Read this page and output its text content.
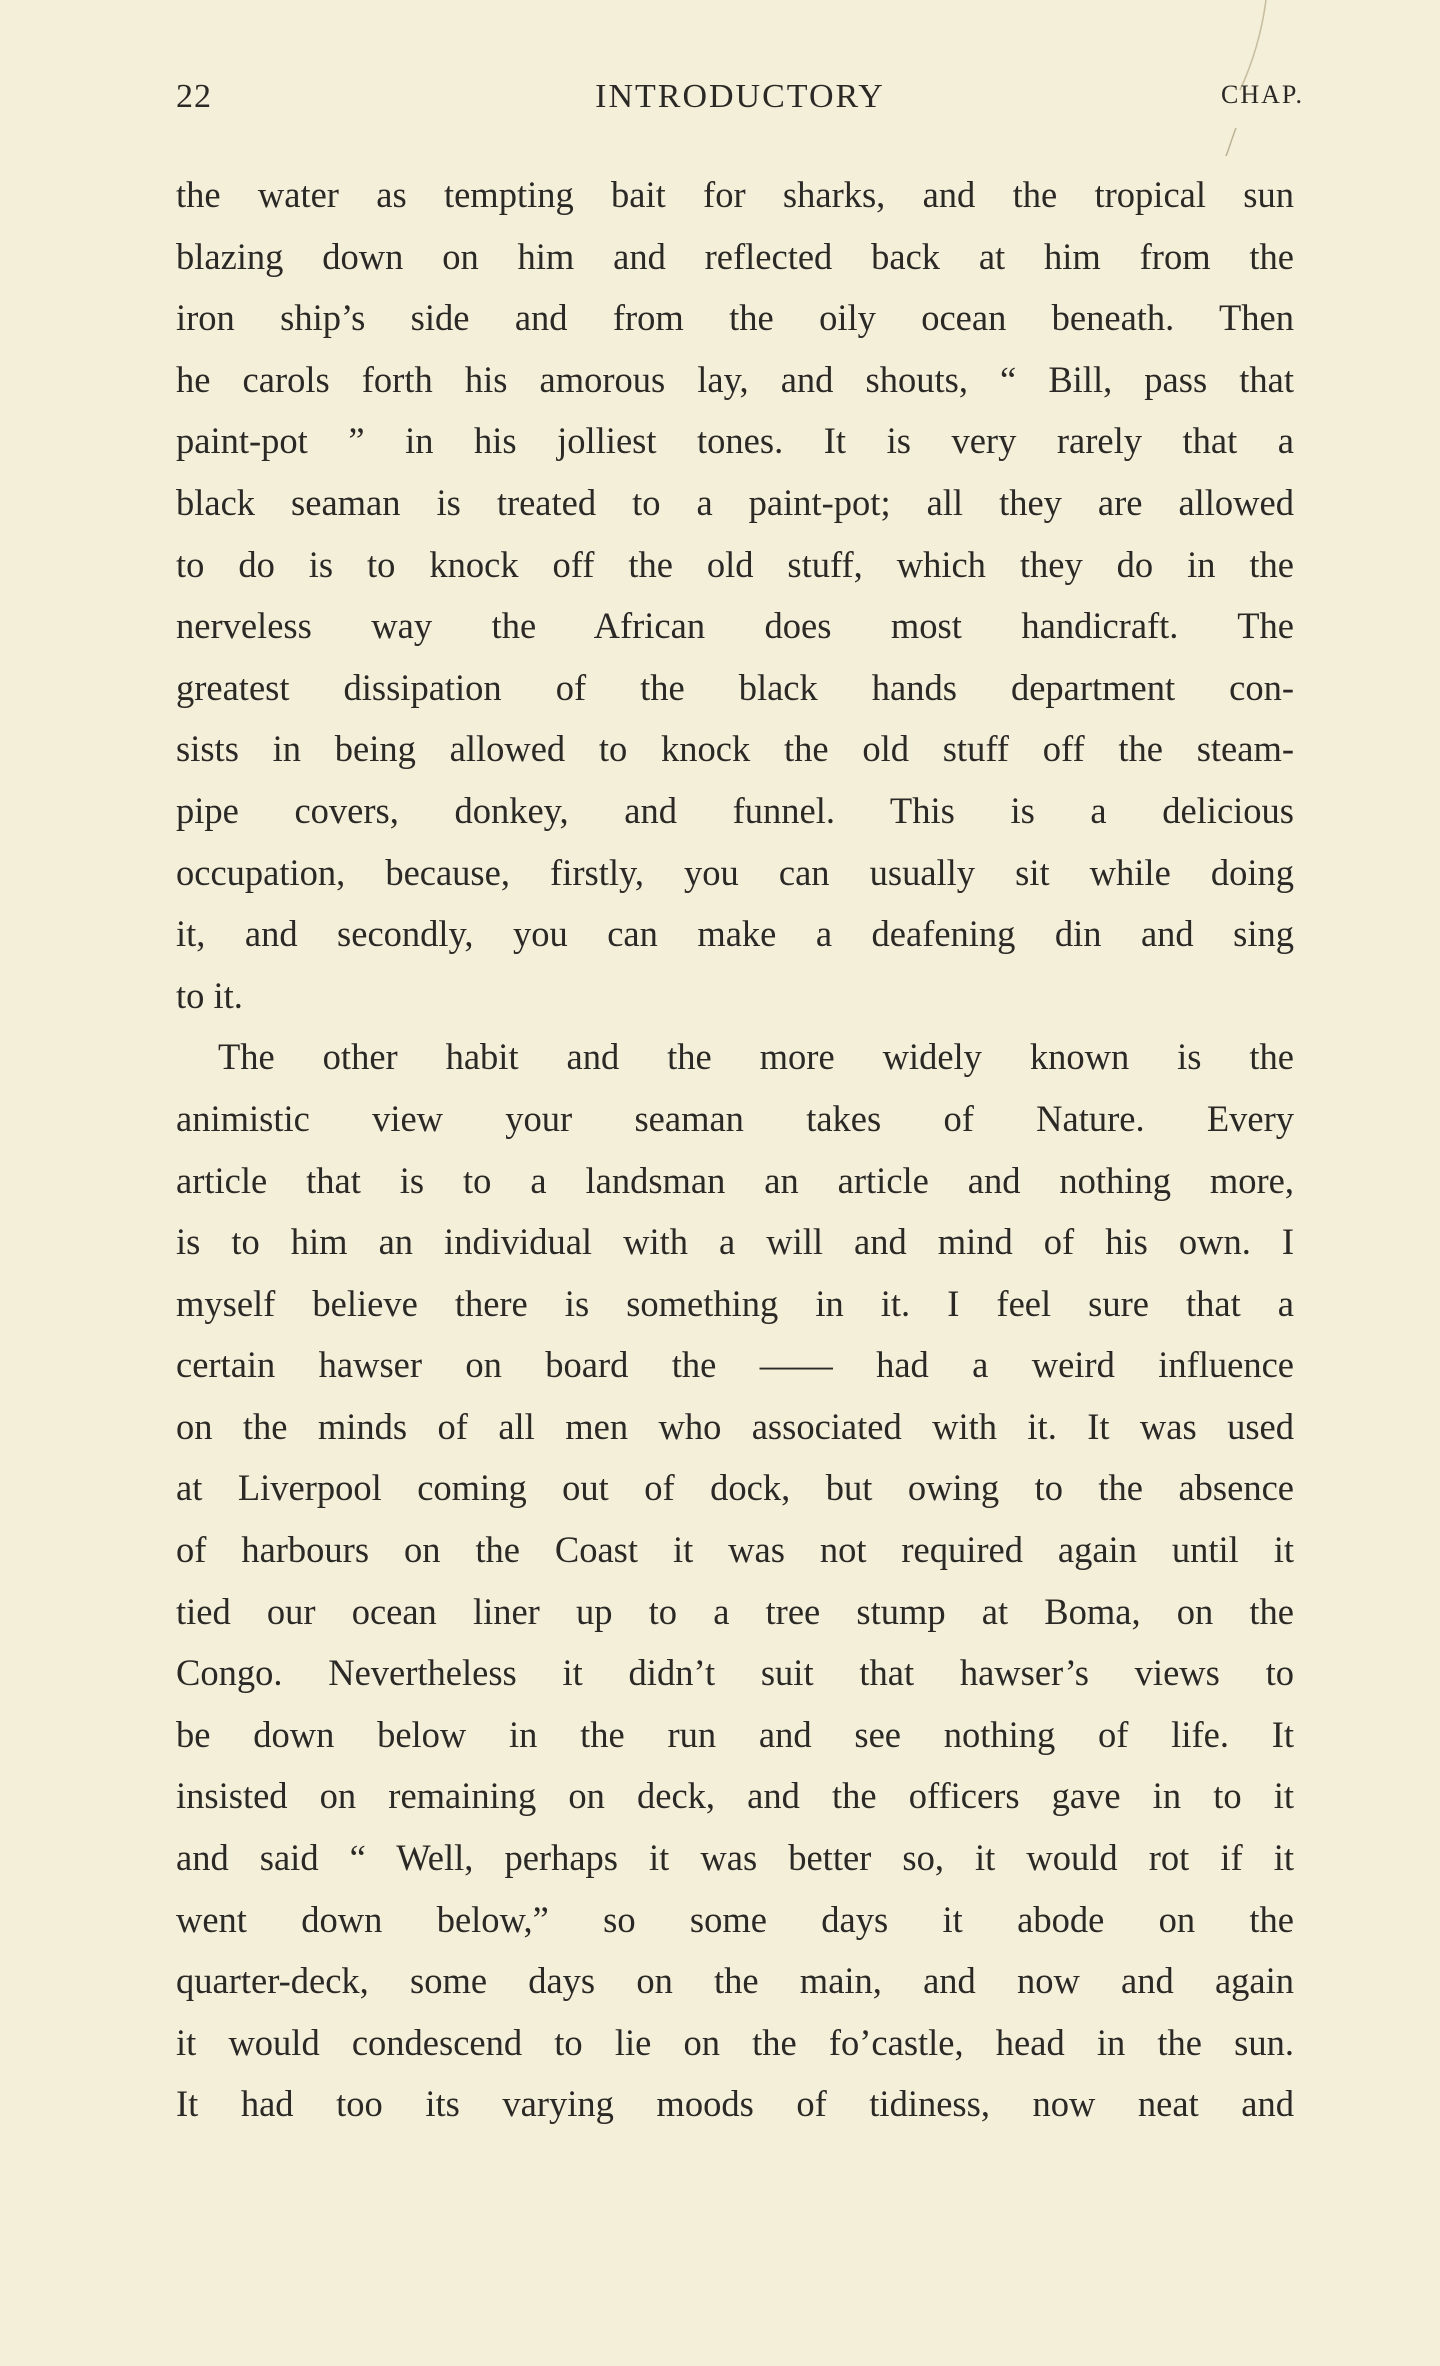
22	INTRODUCTORY	CHAP.
the water as tempting bait for sharks, and the tropical sun
blazing down on him and reflected back at him from the
iron ship’s side and from the oily ocean beneath. Then
he carols forth his amorous lay, and shouts, “ Bill, pass that
paint-pot ” in his jolliest tones. It is very rarely that a
black seaman is treated to a paint-pot; all they are allowed
to do is to knock off the old stuff, which they do in the
nerveless way the African does most handicraft. The
greatest dissipation of the black hands department con-
sists in being allowed to knock the old stuff off the steam-
pipe covers, donkey, and funnel. This is a delicious
occupation, because, firstly, you can usually sit while doing
it, and secondly, you can make a deafening din and sing
to it.
The other habit and the more widely known is the
animistic view your seaman takes of Nature. Every
article that is to a landsman an article and nothing more,
is to him an individual with a will and mind of his own. I
myself believe there is something in it. I feel sure that a
certain hawser on board the —— had a weird influence
on the minds of all men who associated with it. It was used
at Liverpool coming out of dock, but owing to the absence
of harbours on the Coast it was not required again until it
tied our ocean liner up to a tree stump at Boma, on the
Congo. Nevertheless it didn’t suit that hawser’s views to
be down below in the run and see nothing of life. It
insisted on remaining on deck, and the officers gave in to it
and said “ Well, perhaps it was better so, it would rot if it
went down below,” so some days it abode on the
quarter-deck, some days on the main, and now and again
it would condescend to lie on the fo’castle, head in the sun.
It had too its varying moods of tidiness, now neat and
